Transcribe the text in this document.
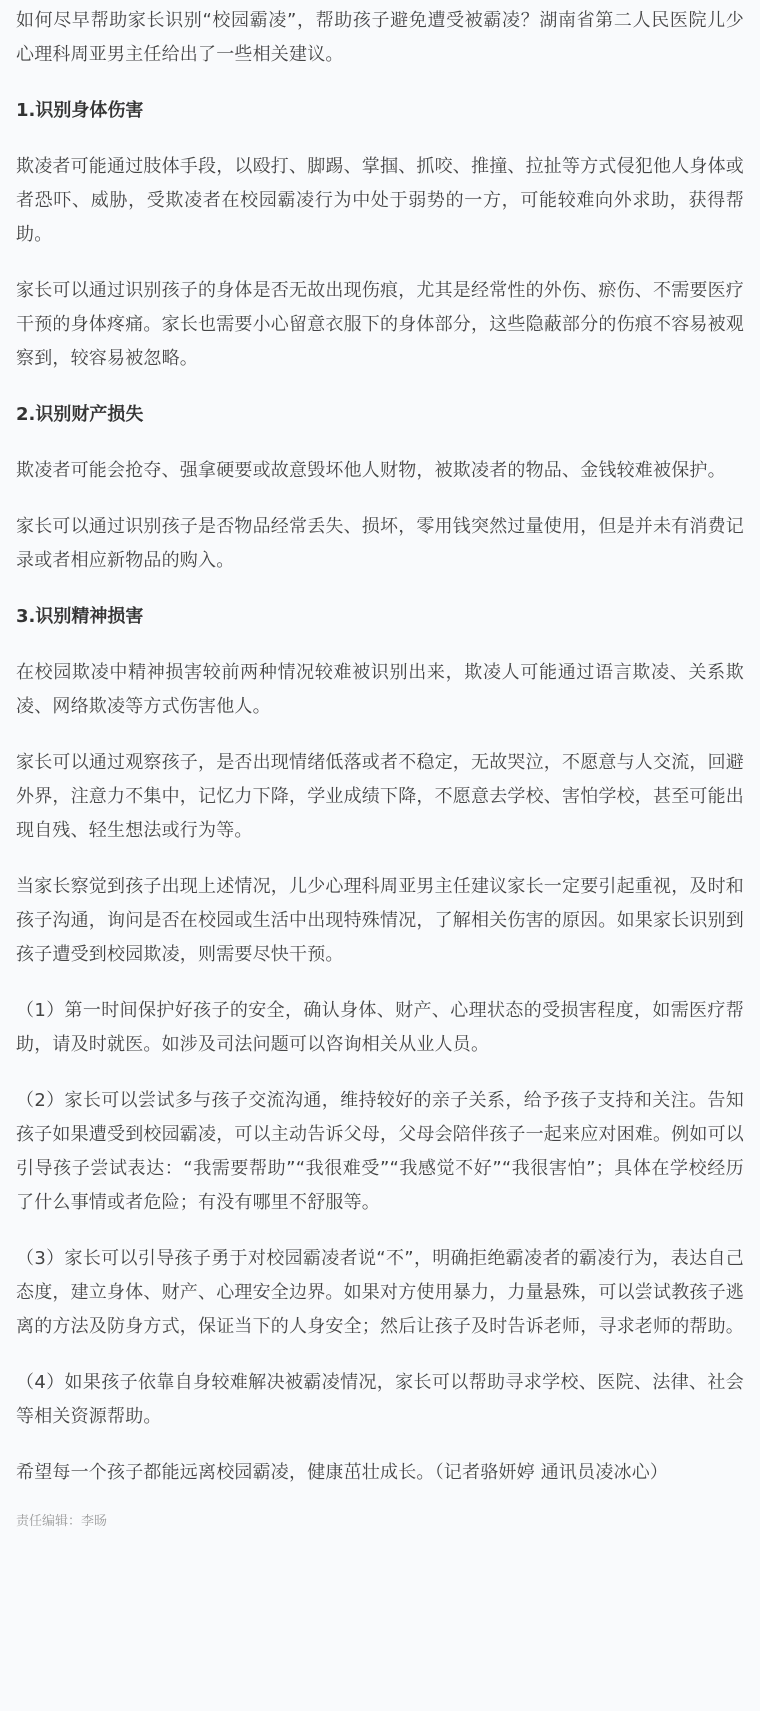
如何尽早帮助家长识别“校园霸凌”，帮助孩子避免遭受被霸凌？湖南省第二人民医院儿少心理科周亚男主任给出了一些相关建议。

1.识别身体伤害

欺凌者可能通过肢体手段，以殴打、脚踢、掌掴、抓咬、推撞、拉扯等方式侵犯他人身体或者恐吓、威胁，受欺凌者在校园霸凌行为中处于弱势的一方，可能较难向外求助，获得帮助。

家长可以通过识别孩子的身体是否无故出现伤痕，尤其是经常性的外伤、瘀伤、不需要医疗干预的身体疼痛。家长也需要小心留意衣服下的身体部分，这些隐蔽部分的伤痕不容易被观察到，较容易被忽略。

2.识别财产损失

欺凌者可能会抢夺、强拿硬要或故意毁坏他人财物，被欺凌者的物品、金钱较难被保护。

家长可以通过识别孩子是否物品经常丢失、损坏，零用钱突然过量使用，但是并未有消费记录或者相应新物品的购入。

3.识别精神损害

在校园欺凌中精神损害较前两种情况较难被识别出来，欺凌人可能通过语言欺凌、关系欺凌、网络欺凌等方式伤害他人。

家长可以通过观察孩子，是否出现情绪低落或者不稳定，无故哭泣，不愿意与人交流，回避外界，注意力不集中，记忆力下降，学业成绩下降，不愿意去学校、害怕学校，甚至可能出现自残、轻生想法或行为等。

当家长察觉到孩子出现上述情况，儿少心理科周亚男主任建议家长一定要引起重视，及时和孩子沟通，询问是否在校园或生活中出现特殊情况，了解相关伤害的原因。如果家长识别到孩子遭受到校园欺凌，则需要尽快干预。

（1）第一时间保护好孩子的安全，确认身体、财产、心理状态的受损害程度，如需医疗帮助，请及时就医。如涉及司法问题可以咨询相关从业人员。

（2）家长可以尝试多与孩子交流沟通，维持较好的亲子关系，给予孩子支持和关注。告知孩子如果遭受到校园霸凌，可以主动告诉父母，父母会陪伴孩子一起来应对困难。例如可以引导孩子尝试表达：“我需要帮助”“我很难受”“我感觉不好”“我很害怕”；具体在学校经历了什么事情或者危险；有没有哪里不舒服等。

（3）家长可以引导孩子勇于对校园霸凌者说“不”，明确拒绝霸凌者的霸凌行为，表达自己态度，建立身体、财产、心理安全边界。如果对方使用暴力，力量悬殊，可以尝试教孩子逃离的方法及防身方式，保证当下的人身安全；然后让孩子及时告诉老师，寻求老师的帮助。

（4）如果孩子依靠自身较难解决被霸凌情况，家长可以帮助寻求学校、医院、法律、社会等相关资源帮助。

希望每一个孩子都能远离校园霸凌，健康茁壮成长。（记者骆妍婷 通讯员凌冰心）

责任编辑：李旸
